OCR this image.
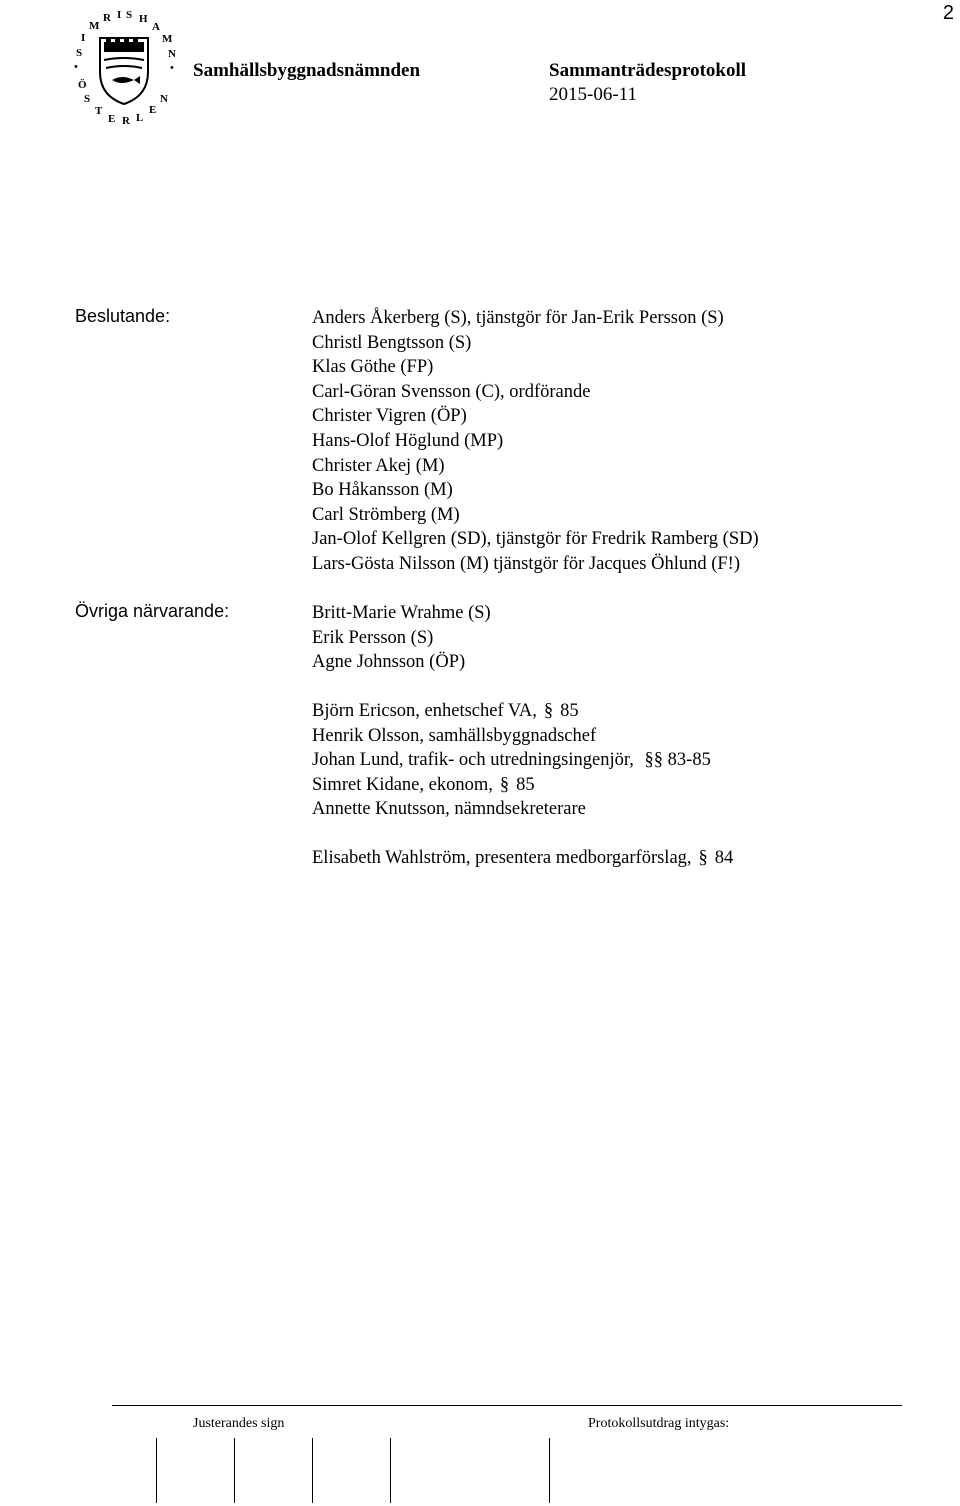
2
•
S
I
M
R I S H
A
M
N
•
Ö
S
T
E R L
E
N
Samhällsbyggnadsnämnden	Sammanträdesprotokoll
2015-06-11
Beslutande:	Anders Åkerberg (S), tjänstgör för Jan-Erik Persson (S)
Christl Bengtsson (S)
Klas Göthe (FP)
Carl-Göran Svensson (C), ordförande
Christer Vigren (ÖP)
Hans-Olof Höglund (MP)
Christer Akej (M)
Bo Håkansson (M)
Carl Strömberg (M)
Jan-Olof Kellgren (SD), tjänstgör för Fredrik Ramberg (SD)
Lars-Gösta Nilsson (M) tjänstgör för Jacques Öhlund (F!)
Övriga närvarande:	Britt-Marie Wrahme (S)
Erik Persson (S)
Agne Johnsson (ÖP)
Björn Ericson, enhetschef VA, § 85
Henrik Olsson, samhällsbyggnadschef
Johan Lund, trafik- och utredningsingenjör, §§ 83-85
Simret Kidane, ekonom, § 85
Annette Knutsson, nämndsekreterare
Elisabeth Wahlström, presentera medborgarförslag, § 84
Justerandes sign	Protokollsutdrag intygas:
